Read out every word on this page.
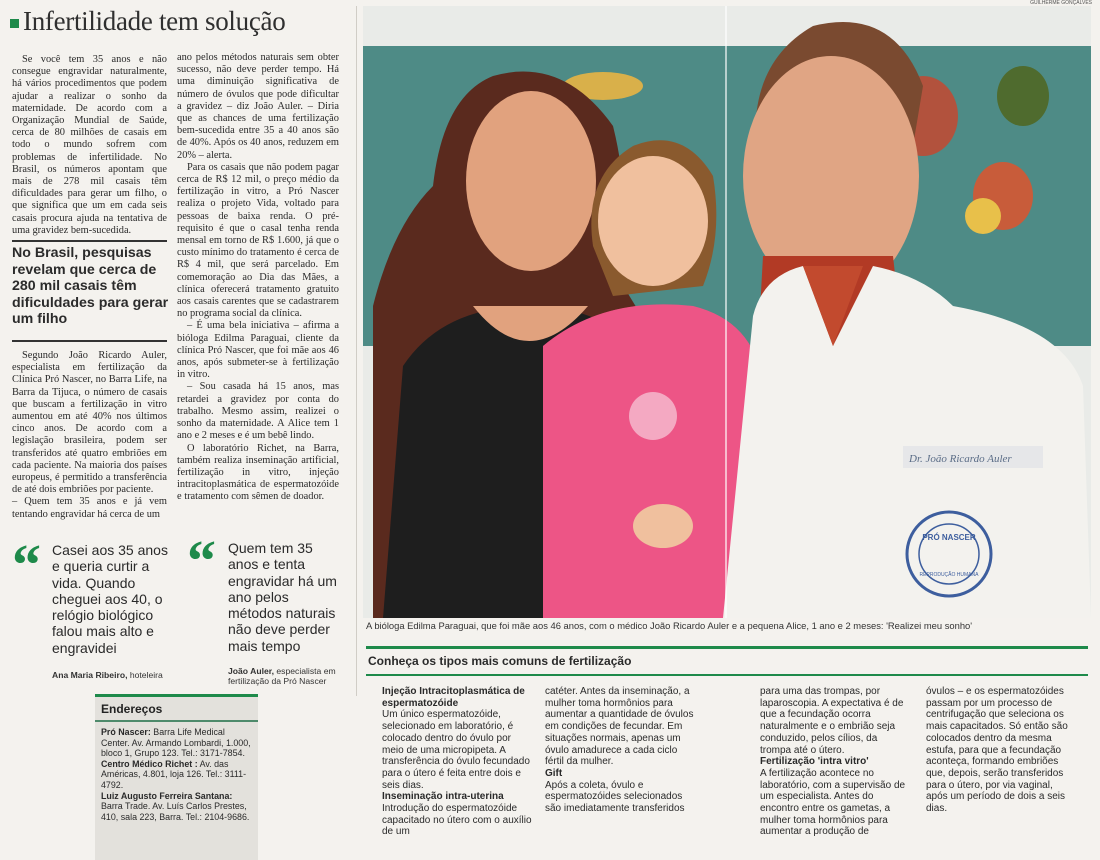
GUILHERME GONÇALVES
Infertilidade tem solução

Se você tem 35 anos e não consegue engravidar naturalmente, há vários procedimentos que podem ajudar a realizar o sonho da maternidade. De acordo com a Organização Mundial de Saúde, cerca de 80 milhões de casais em todo o mundo sofrem com problemas de infertilidade. No Brasil, os números apontam que mais de 278 mil casais têm dificuldades para gerar um filho, o que significa que um em cada seis casais procura ajuda na tentativa de uma gravidez bem-sucedida.

No Brasil, pesquisas revelam que cerca de 280 mil casais têm dificuldades para gerar um filho

Segundo João Ricardo Auler, especialista em fertilização da Clínica Pró Nascer, no Barra Life, na Barra da Tijuca, o número de casais que buscam a fertilização in vitro aumentou em até 40% nos últimos cinco anos. De acordo com a legislação brasileira, podem ser transferidos até quatro embriões em cada paciente. Na maioria dos países europeus, é permitido a transferência de até dois embriões por paciente.
– Quem tem 35 anos e já vem tentando engravidar há cerca de um

ano pelos métodos naturais sem obter sucesso, não deve perder tempo. Há uma diminuição significativa de número de óvulos que pode dificultar a gravidez – diz João Auler. – Diria que as chances de uma fertilização bem-sucedida entre 35 a 40 anos são de 40%. Após os 40 anos, reduzem em 20% – alerta.

Para os casais que não podem pagar cerca de R$ 12 mil, o preço médio da fertilização in vitro, a Pró Nascer realiza o projeto Vida, voltado para pessoas de baixa renda. O pré-requisito é que o casal tenha renda mensal em torno de R$ 1.600, já que o custo mínimo do tratamento é cerca de R$ 4 mil, que será parcelado. Em comemoração ao Dia das Mães, a clínica oferecerá tratamento gratuito aos casais carentes que se cadastrarem no programa social da clínica.

– É uma bela iniciativa – afirma a bióloga Edilma Paraguai, cliente da clínica Pró Nascer, que foi mãe aos 46 anos, após submeter-se à fertilização in vitro.

– Sou casada há 15 anos, mas retardei a gravidez por conta do trabalho. Mesmo assim, realizei o sonho da maternidade. A Alice tem 1 ano e 2 meses e é um bebê lindo.

O laboratório Richet, na Barra, também realiza inseminação artificial, fertilização in vitro, injeção intracitoplasmática de espermatozóide e tratamento com sêmen de doador.

“ Casei aos 35 anos e queria curtir a vida. Quando cheguei aos 40, o relógio biológico falou mais alto e engravidei
Ana Maria Ribeiro, hoteleira
“ Quem tem 35 anos e tenta engravidar há um ano pelos métodos naturais não deve perder mais tempo
João Auler, especialista em fertilização da Pró Nascer
Endereços
Pró Nascer: Barra Life Medical Center. Av. Armando Lombardi, 1.000, bloco 1, Grupo 123. Tel.: 3171-7854.
Centro Médico Richet : Av. das Américas, 4.801, loja 126. Tel.: 3111-4792.
Luiz Augusto Ferreira Santana: Barra Trade. Av. Luís Carlos Prestes, 410, sala 223, Barra. Tel.: 2104-9686.
Dr. João Ricardo Auler
PRÓ NASCER
REPRODUÇÃO HUMANA
A bióloga Edilma Paraguai, que foi mãe aos 46 anos, com o médico João Ricardo Auler e a pequena Alice, 1 ano e 2 meses: 'Realizei meu sonho'
Conheça os tipos mais comuns de fertilização
Injeção Intracitoplasmática de espermatozóide
Um único espermatozóide, selecionado em laboratório, é colocado dentro do óvulo por meio de uma micropipeta. A transferência do óvulo fecundado para o útero é feita entre dois e seis dias.
Inseminação intra-uterina
Introdução do espermatozóide capacitado no útero com o auxílio de um
catéter. Antes da inseminação, a mulher toma hormônios para aumentar a quantidade de óvulos em condições de fecundar. Em situações normais, apenas um óvulo amadurece a cada ciclo fértil da mulher.
Gift
Após a coleta, óvulo e espermatozóides selecionados são imediatamente transferidos
para uma das trompas, por laparoscopia. A expectativa é de que a fecundação ocorra naturalmente e o embrião seja conduzido, pelos cílios, da trompa até o útero.
Fertilização 'intra vitro'
A fertilização acontece no laboratório, com a supervisão de um especialista. Antes do encontro entre os gametas, a mulher toma hormônios para aumentar a produção de
óvulos – e os espermatozóides passam por um processo de centrifugação que seleciona os mais capacitados. Só então são colocados dentro da mesma estufa, para que a fecundação aconteça, formando embriões que, depois, serão transferidos para o útero, por via vaginal, após um período de dois a seis dias.
